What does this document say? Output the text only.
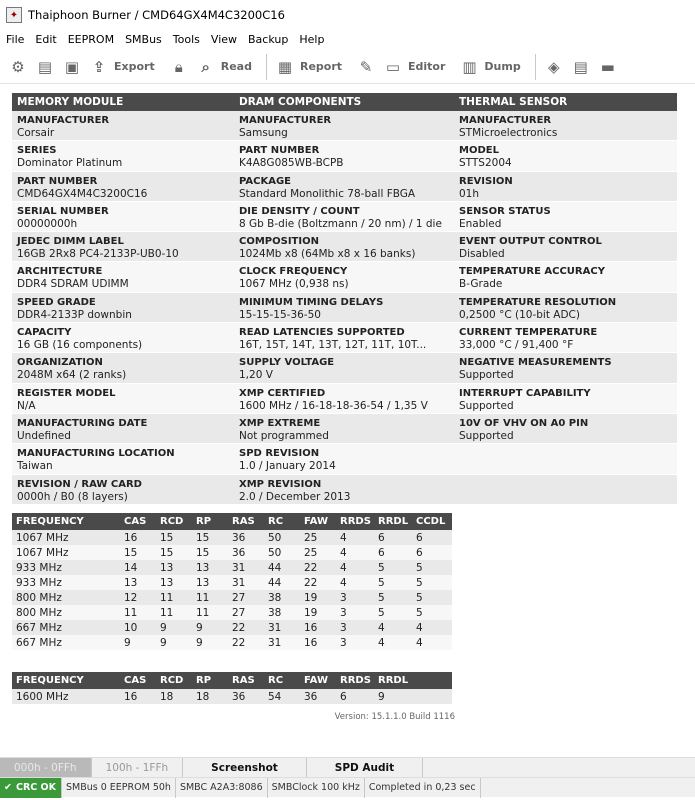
✦ Thaiphoon Burner / CMD64GX4M4C3200C16
File Edit EEPROM SMBus Tools View Backup Help
⚙ ▤ ▣ ⇪ Export	🔒︎	⌕ Read ▦ Report ✎ ▭ Editor ▥ Dump ◈ ▤ ▬
MEMORY MODULE
MANUFACTURER
Corsair
SERIES
Dominator Platinum
PART NUMBER
CMD64GX4M4C3200C16
SERIAL NUMBER
00000000h
JEDEC DIMM LABEL
16GB 2Rx8 PC4-2133P-UB0-10
ARCHITECTURE
DDR4 SDRAM UDIMM
SPEED GRADE
DDR4-2133P downbin
CAPACITY
16 GB (16 components)
ORGANIZATION
2048M x64 (2 ranks)
REGISTER MODEL
N/A
MANUFACTURING DATE
Undefined
MANUFACTURING LOCATION
Taiwan
REVISION / RAW CARD
0000h / B0 (8 layers)
DRAM COMPONENTS
MANUFACTURER
Samsung
PART NUMBER
K4A8G085WB-BCPB
PACKAGE
Standard Monolithic 78-ball FBGA
DIE DENSITY / COUNT
8 Gb B-die (Boltzmann / 20 nm) / 1 die
COMPOSITION
1024Mb x8 (64Mb x8 x 16 banks)
CLOCK FREQUENCY
1067 MHz (0,938 ns)
MINIMUM TIMING DELAYS
15-15-15-36-50
READ LATENCIES SUPPORTED
16T, 15T, 14T, 13T, 12T, 11T, 10T...
SUPPLY VOLTAGE
1,20 V
XMP CERTIFIED
1600 MHz / 16-18-18-36-54 / 1,35 V
XMP EXTREME
Not programmed
SPD REVISION
1.0 / January 2014
XMP REVISION
2.0 / December 2013
THERMAL SENSOR
MANUFACTURER
STMicroelectronics
MODEL
STTS2004
REVISION
01h
SENSOR STATUS
Enabled
EVENT OUTPUT CONTROL
Disabled
TEMPERATURE ACCURACY
B-Grade
TEMPERATURE RESOLUTION
0,2500 °C (10-bit ADC)
CURRENT TEMPERATURE
33,000 °C / 91,400 °F
NEGATIVE MEASUREMENTS
Supported
INTERRUPT CAPABILITY
Supported
10V OF VHV ON A0 PIN
Supported
FREQUENCY	CAS	RCD	RP	RAS	RC	FAW	RRDS	RRDL	CCDL
1067 MHz	16	15	15	36	50	25	4	6	6
1067 MHz	15	15	15	36	50	25	4	6	6
933 MHz	14	13	13	31	44	22	4	5	5
933 MHz	13	13	13	31	44	22	4	5	5
800 MHz	12	11	11	27	38	19	3	5	5
800 MHz	11	11	11	27	38	19	3	5	5
667 MHz	10	9	9	22	31	16	3	4	4
667 MHz	9	9	9	22	31	16	3	4	4
FREQUENCY	CAS	RCD	RP	RAS	RC	FAW	RRDS	RRDL	
1600 MHz	16	18	18	36	54	36	6	9	
Version: 15.1.1.0 Build 1116
000h - 0FFh	100h - 1FFh	Screenshot	SPD Audit
✔ CRC OK	SMBus 0 EEPROM 50h SMBC A2A3:8086 SMBClock 100 kHz Completed in 0,23 sec
